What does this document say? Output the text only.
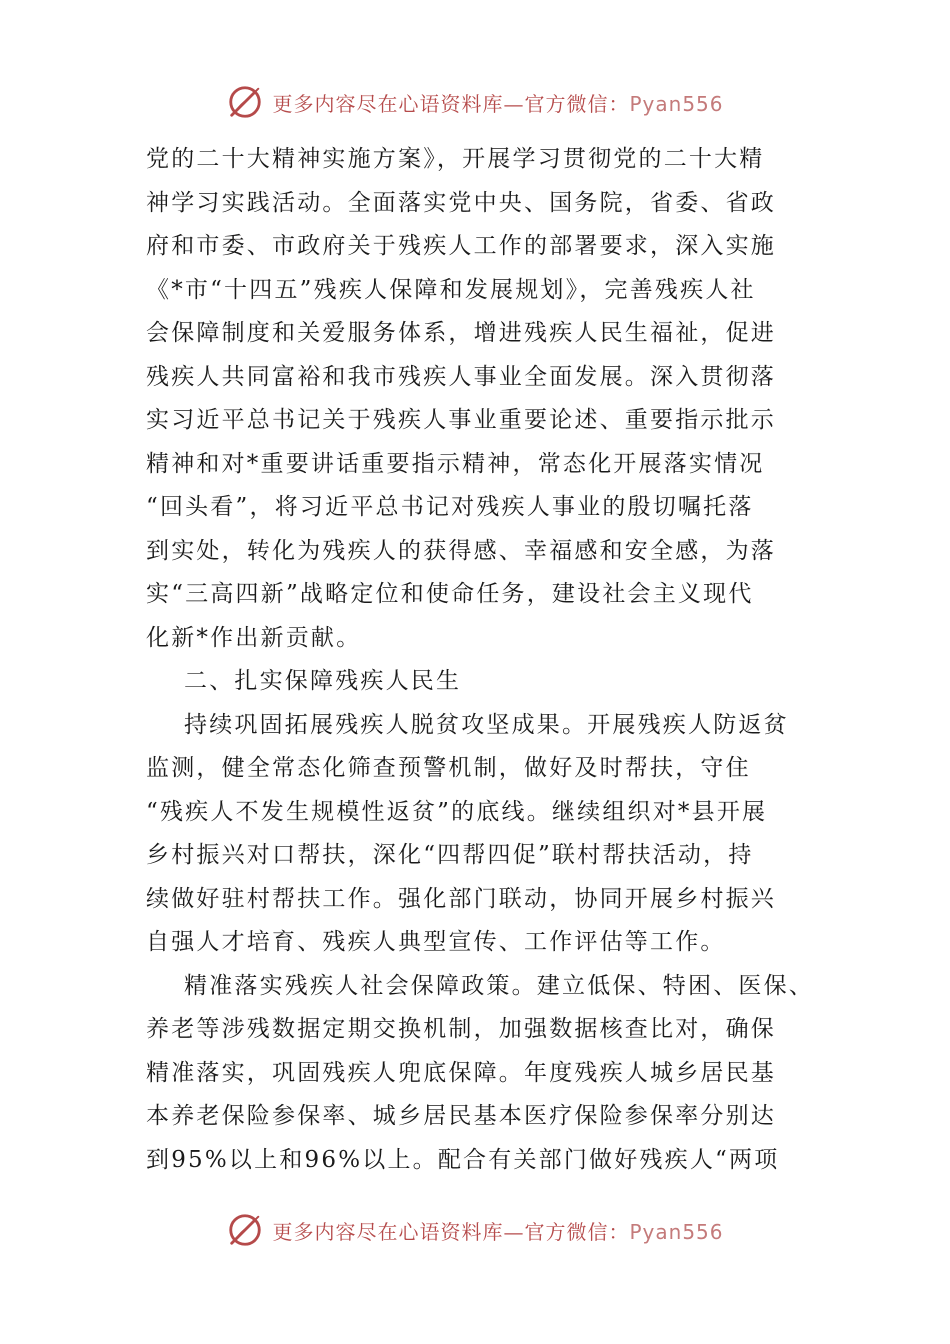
更多内容尽在心语资料库—官方微信：Pyan556
党的二十大精神实施方案》，开展学习贯彻党的二十大精
神学习实践活动。全面落实党中央、国务院，省委、省政
府和市委、市政府关于残疾人工作的部署要求，深入实施
《*市“十四五”残疾人保障和发展规划》，完善残疾人社
会保障制度和关爱服务体系，增进残疾人民生福祉，促进
残疾人共同富裕和我市残疾人事业全面发展。深入贯彻落
实习近平总书记关于残疾人事业重要论述、重要指示批示
精神和对*重要讲话重要指示精神，常态化开展落实情况
“回头看”，将习近平总书记对残疾人事业的殷切嘱托落
到实处，转化为残疾人的获得感、幸福感和安全感，为落
实“三高四新”战略定位和使命任务，建设社会主义现代
化新*作出新贡献。
二、扎实保障残疾人民生
持续巩固拓展残疾人脱贫攻坚成果。开展残疾人防返贫
监测，健全常态化筛查预警机制，做好及时帮扶，守住
“残疾人不发生规模性返贫”的底线。继续组织对*县开展
乡村振兴对口帮扶，深化“四帮四促”联村帮扶活动，持
续做好驻村帮扶工作。强化部门联动，协同开展乡村振兴
自强人才培育、残疾人典型宣传、工作评估等工作。
精准落实残疾人社会保障政策。建立低保、特困、医保、
养老等涉残数据定期交换机制，加强数据核查比对，确保
精准落实，巩固残疾人兜底保障。年度残疾人城乡居民基
本养老保险参保率、城乡居民基本医疗保险参保率分别达
到95%以上和96%以上。配合有关部门做好残疾人“两项
更多内容尽在心语资料库—官方微信：Pyan556
